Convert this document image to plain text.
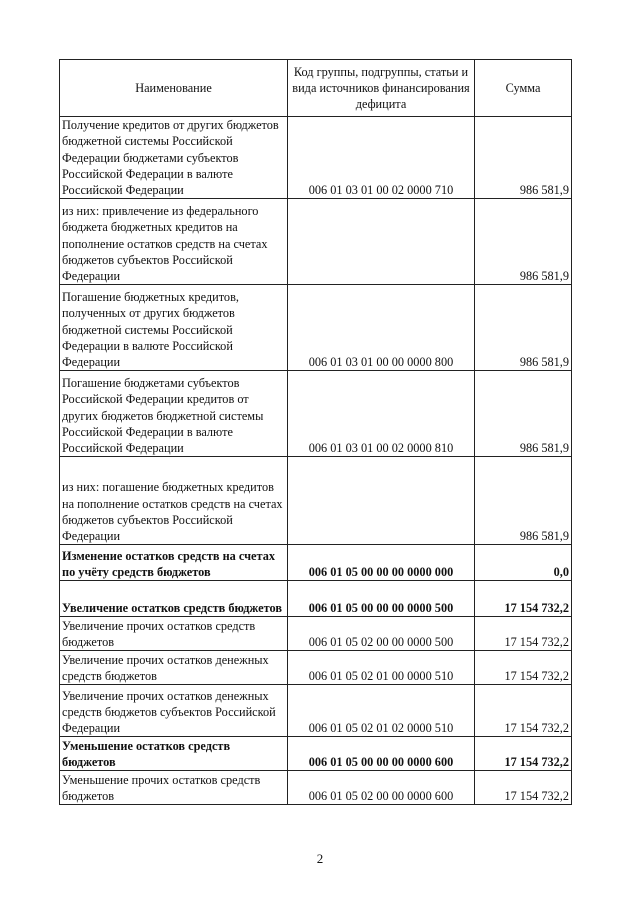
Наименование	Код группы, подгруппы, статьи и вида источников финансирования дефицита	Сумма
Получение кредитов от других бюджетов бюджетной системы Российской Федерации бюджетами субъектов Российской Федерации в валюте Российской Федерации	006 01 03 01 00 02 0000 710	986 581,9
из них: привлечение из федерального бюджета бюджетных кредитов на пополнение остатков средств на счетах бюджетов субъектов Российской Федерации		986 581,9
Погашение бюджетных кредитов, полученных от других бюджетов бюджетной системы Российской Федерации в валюте Российской Федерации	006 01 03 01 00 00 0000 800	986 581,9
Погашение бюджетами субъектов Российской Федерации кредитов от других бюджетов бюджетной системы Российской Федерации в валюте Российской Федерации	006 01 03 01 00 02 0000 810	986 581,9
из них: погашение бюджетных кредитов на пополнение остатков средств на счетах бюджетов субъектов Российской Федерации		986 581,9
Изменение остатков средств на счетах по учёту средств бюджетов	006 01 05 00 00 00 0000 000	0,0
Увеличение остатков средств бюджетов	006 01 05 00 00 00 0000 500	17 154 732,2
Увеличение прочих остатков средств бюджетов	006 01 05 02 00 00 0000 500	17 154 732,2
Увеличение прочих остатков денежных средств бюджетов	006 01 05 02 01 00 0000 510	17 154 732,2
Увеличение прочих остатков денежных средств бюджетов субъектов Российской Федерации	006 01 05 02 01 02 0000 510	17 154 732,2
Уменьшение остатков средств бюджетов	006 01 05 00 00 00 0000 600	17 154 732,2
Уменьшение прочих остатков средств бюджетов	006 01 05 02 00 00 0000 600	17 154 732,2
2
